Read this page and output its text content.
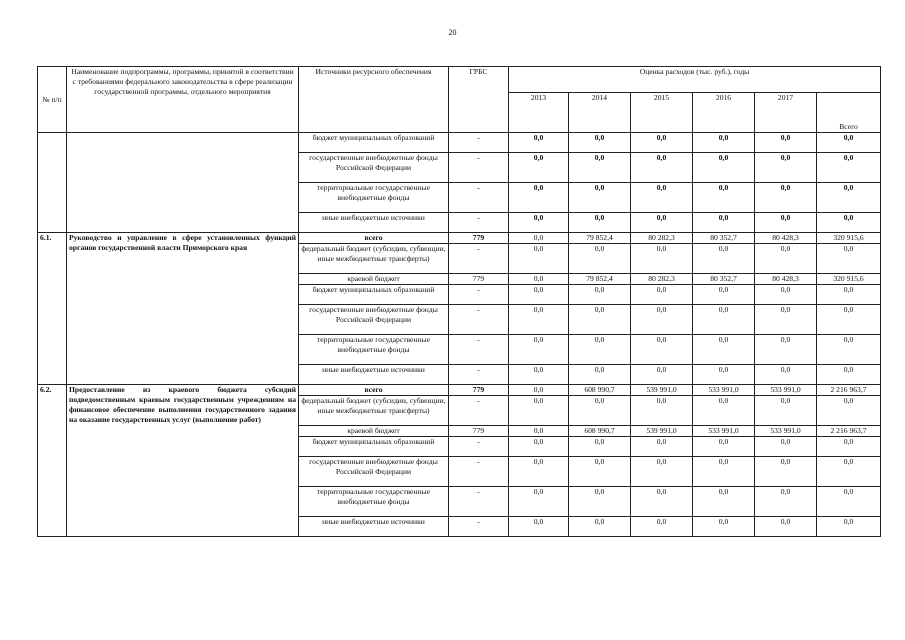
20
№ п/п	Наименование подпрограммы, программы, принятой в соответствии с требованиями федерального законодательства в сфере реализации государственной программы, отдельного мероприятия	Источники ресурсного обеспечения	ГРБС	Оценка расходов (тыс. руб.), годы					
				2013	2014	2015	2016	2017	Всего
		бюджет муниципальных образований	-	0,0	0,0	0,0	0,0	0,0	0,0
		государственные внебюджетные фонды Российской Федерации	-	0,0	0,0	0,0	0,0	0,0	0,0
		территориальные государственные внебюджетные фонды	-	0,0	0,0	0,0	0,0	0,0	0,0
		иные внебюджетные источники	-	0,0	0,0	0,0	0,0	0,0	0,0
6.1.	Руководство и управление в сфере установленных функций органов государственной власти Приморского края	всего	779	0,0	79 852,4	80 282,3	80 352,7	80 428,3	320 915,6
		федеральный бюджет (субсидии, субвенции, иные межбюджетные трансферты)	-	0,0	0,0	0,0	0,0	0,0	0,0
		краевой бюджет	779	0,0	79 852,4	80 282,3	80 352,7	80 428,3	320 915,6
		бюджет муниципальных образований	-	0,0	0,0	0,0	0,0	0,0	0,0
		государственные внебюджетные фонды Российской Федерации	-	0,0	0,0	0,0	0,0	0,0	0,0
		территориальные государственные внебюджетные фонды	-	0,0	0,0	0,0	0,0	0,0	0,0
		иные внебюджетные источники	-	0,0	0,0	0,0	0,0	0,0	0,0
6.2.	Предоставление из краевого бюджета субсидий подведомственным краевым государственным учреждениям на финансовое обеспечение выполнения государственного задания на оказание государственных услуг (выполнение работ)	всего	779	0,0	608 990,7	539 991,0	533 991,0	533 991,0	2 216 963,7
		федеральный бюджет (субсидии, субвенции, иные межбюджетные трансферты)	-	0,0	0,0	0,0	0,0	0,0	0,0
		краевой бюджет	779	0,0	608 990,7	539 991,0	533 991,0	533 991,0	2 216 963,7
		бюджет муниципальных образований	-	0,0	0,0	0,0	0,0	0,0	0,0
		государственные внебюджетные фонды Российской Федерации	-	0,0	0,0	0,0	0,0	0,0	0,0
		территориальные государственные внебюджетные фонды	-	0,0	0,0	0,0	0,0	0,0	0,0
		иные внебюджетные источники	-	0,0	0,0	0,0	0,0	0,0	0,0
